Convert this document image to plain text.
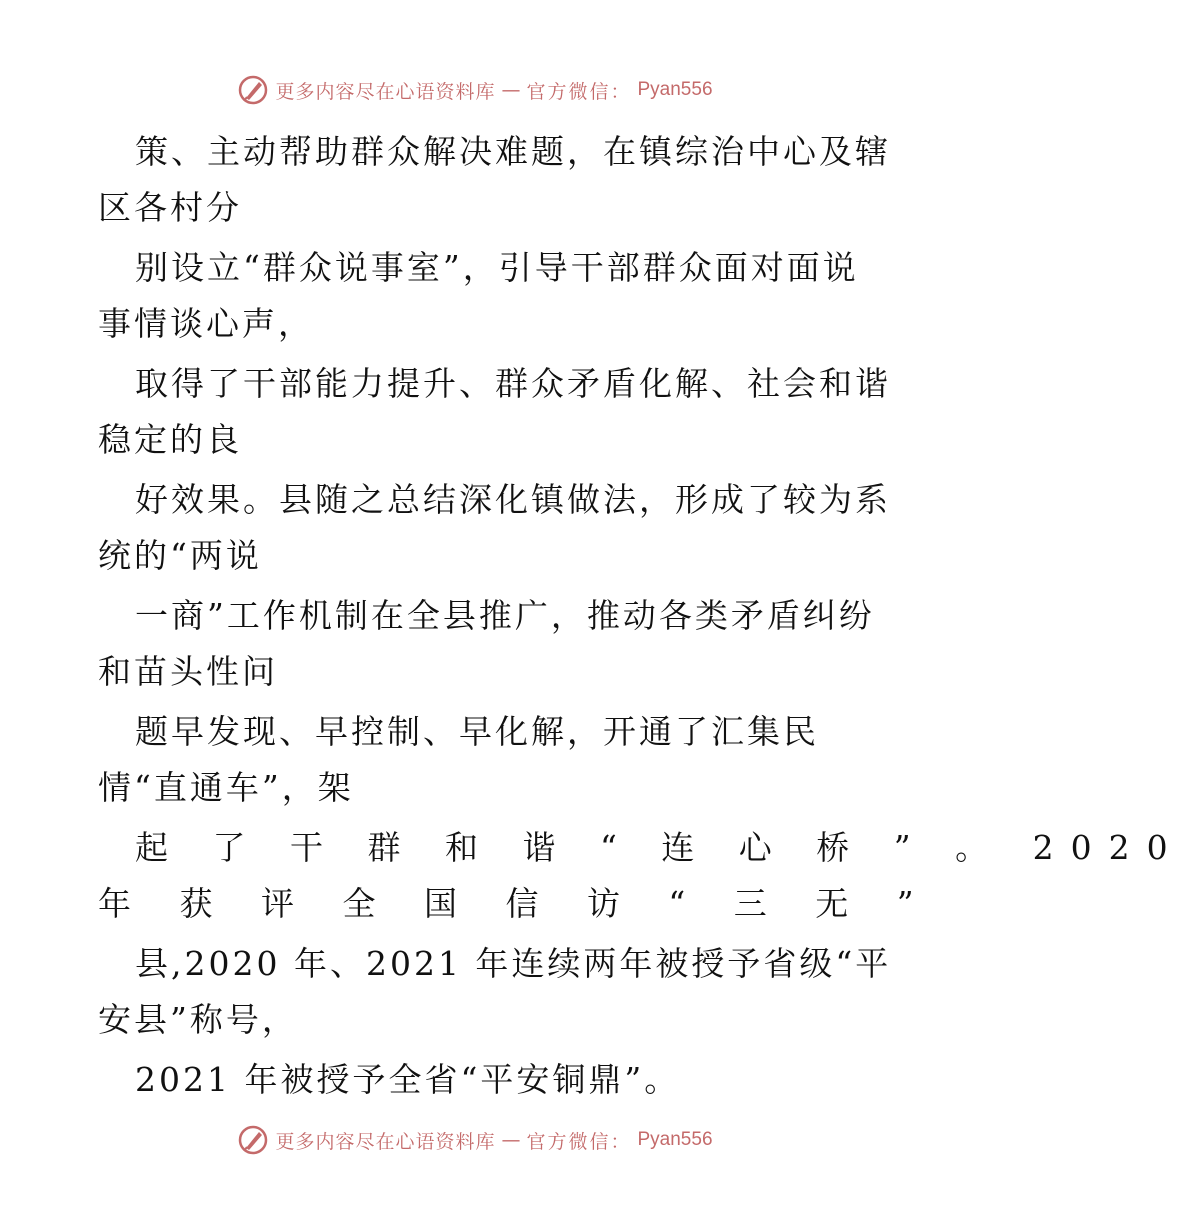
更多内容尽在心语资料库 — 官方微信： Pyan556
策、主动帮助群众解决难题，在镇综治中心及辖
区各村分
别设立“群众说事室”，引导干部群众面对面说
事情谈心声，
取得了干部能力提升、群众矛盾化解、社会和谐
稳定的良
好效果。县随之总结深化镇做法，形成了较为系
统的“两说
一商”工作机制在全县推广，推动各类矛盾纠纷
和苗头性问
题早发现、早控制、早化解，开通了汇集民
情“直通车”，架
起 了 干 群 和 谐 “ 连 心 桥 ” 。 2020
年 获 评 全 国 信 访 “ 三 无 ”
县,2020 年、2021 年连续两年被授予省级“平
安县”称号，
2021 年被授予全省“平安铜鼎”。
更多内容尽在心语资料库 — 官方微信： Pyan556
